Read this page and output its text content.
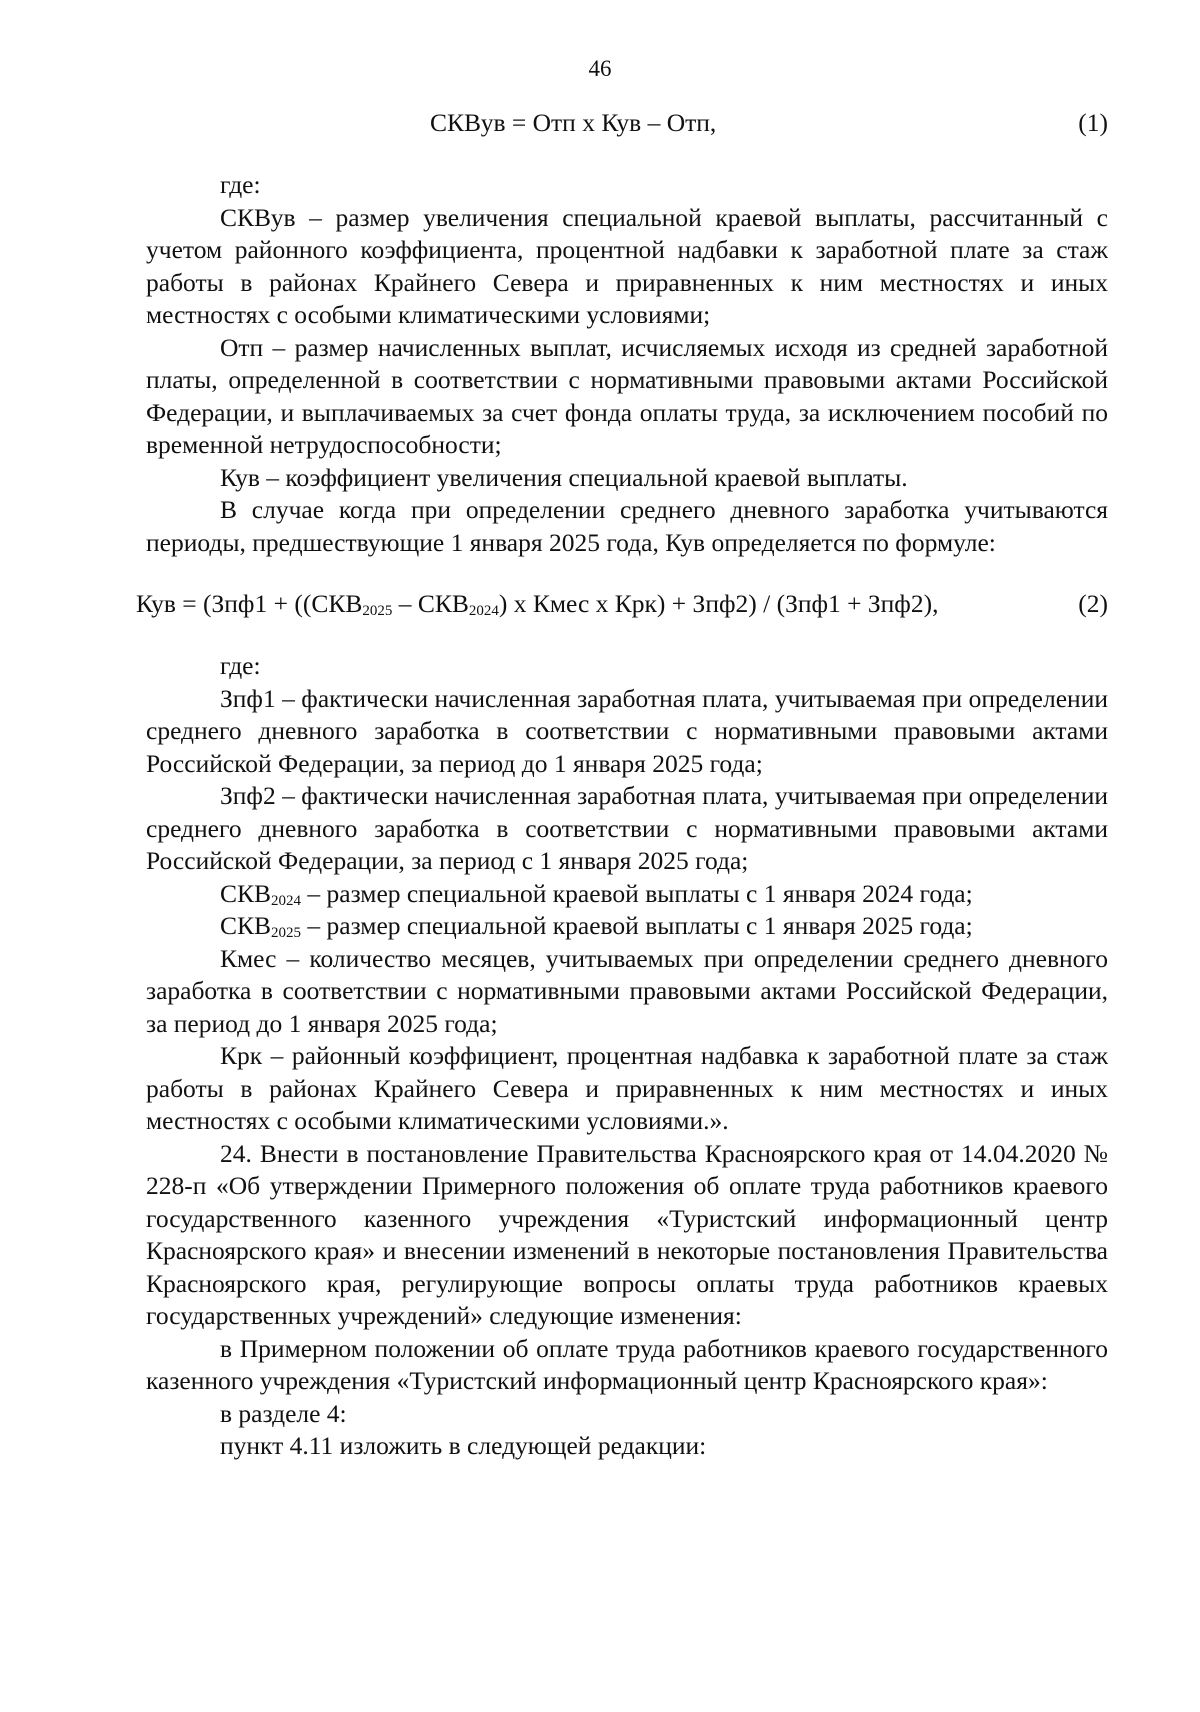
46
СКВув = Отп х Кув – Отп,	(1)

где:

СКВув – размер увеличения специальной краевой выплаты, рассчитанный с учетом районного коэффициента, процентной надбавки к заработной плате за стаж работы в районах Крайнего Севера и приравненных к ним местностях и иных местностях с особыми климатическими условиями;

Отп – размер начисленных выплат, исчисляемых исходя из средней заработной платы, определенной в соответствии с нормативными правовыми актами Российской Федерации, и выплачиваемых за счет фонда оплаты труда, за исключением пособий по временной нетрудоспособности;

Кув – коэффициент увеличения специальной краевой выплаты.

В случае когда при определении среднего дневного заработка учитываются периоды, предшествующие 1 января 2025 года, Кув определяется по формуле:

Кув = ($Зпф1 + ((СКВ_{2025} - СКВ_{2024})$ х Кмес х Крк) + Зпф2) / (Зпф1 + Зпф2),	(2)

где:

Зпф1 – фактически начисленная заработная плата, учитываемая при определении среднего дневного заработка в соответствии с нормативными правовыми актами Российской Федерации, за период до 1 января 2025 года;

Зпф2 – фактически начисленная заработная плата, учитываемая при определении среднего дневного заработка в соответствии с нормативными правовыми актами Российской Федерации, за период с 1 января 2025 года;

$СКВ_{2024}$ – размер специальной краевой выплаты с 1 января 2024 года;

$СКВ_{2025}$ – размер специальной краевой выплаты с 1 января 2025 года;

Кмес – количество месяцев, учитываемых при определении среднего дневного заработка в соответствии с нормативными правовыми актами Российской Федерации, за период до 1 января 2025 года;

Крк – районный коэффициент, процентная надбавка к заработной плате за стаж работы в районах Крайнего Севера и приравненных к ним местностях и иных местностях с особыми климатическими условиями.».

24. Внести в постановление Правительства Красноярского края от 14.04.2020 № 228-п «Об утверждении Примерного положения об оплате труда работников краевого государственного казенного учреждения «Туристский информационный центр Красноярского края» и внесении изменений в некоторые постановления Правительства Красноярского края, регулирующие вопросы оплаты труда работников краевых государственных учреждений» следующие изменения:

в Примерном положении об оплате труда работников краевого государственного казенного учреждения «Туристский информационный центр Красноярского края»:

в разделе 4:

пункт 4.11 изложить в следующей редакции:
